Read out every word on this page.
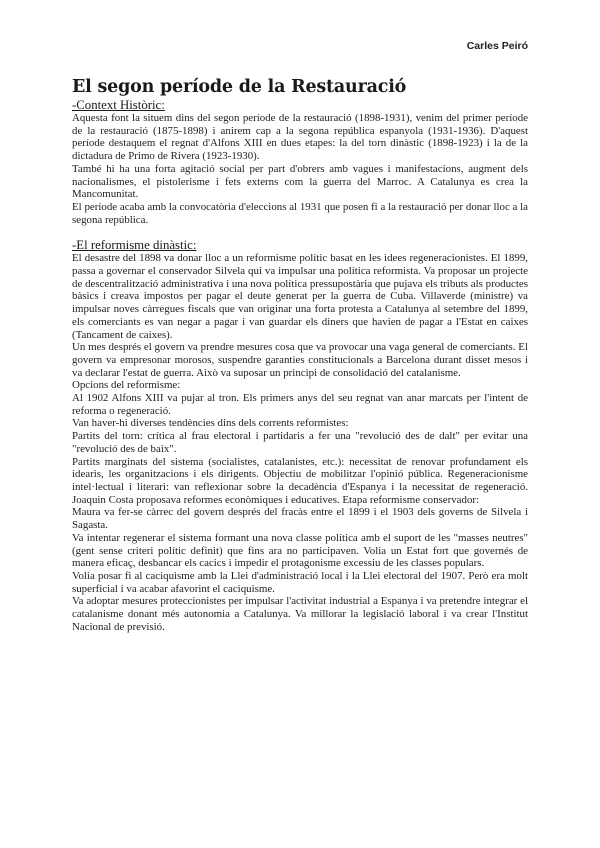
Carles Peiró
El segon període de la Restauració
-Context Històric:

Aquesta font la situem dins del segon període de la restauració (1898-1931), venim del primer període de la restauració (1875-1898) i anirem cap a la segona república espanyola (1931-1936). D'aquest període destaquem el regnat d'Alfons XIII en dues etapes: la del torn dinàstic (1898-1923) i la de la dictadura de Primo de Rivera (1923-1930).

També hi ha una forta agitació social per part d'obrers amb vagues i manifestacions, augment dels nacionalismes, el pistolerisme i fets externs com la guerra del Marroc. A Catalunya es crea la Mancomunitat.

El període acaba amb la convocatòria d'eleccions al 1931 que posen fi a la restauració per donar lloc a la segona república.

-El reformisme dinàstic:

El desastre del 1898 va donar lloc a un reformisme polític basat en les idees regeneracionistes. El 1899, passa a governar el conservador Silvela qui va impulsar una política reformista. Va proposar un projecte de descentralització administrativa i una nova política pressupostària que pujava els tributs als productes bàsics i creava impostos per pagar el deute generat per la guerra de Cuba. Villaverde (ministre) va impulsar noves càrregues fiscals que van originar una forta protesta a Catalunya al setembre del 1899, els comerciants es van negar a pagar i van guardar els diners que havien de pagar a l'Estat en caixes (Tancament de caixes).

Un mes després el govern va prendre mesures cosa que va provocar una vaga general de comerciants. El govern va empresonar morosos, suspendre garanties constitucionals a Barcelona durant disset mesos i va declarar l'estat de guerra. Això va suposar un principi de consolidació del catalanisme.

Opcions del reformisme:

Al 1902 Alfons XIII va pujar al tron. Els primers anys del seu regnat van anar marcats per l'intent de reforma o regeneració.

Van haver-hi diverses tendències dins dels corrents reformistes:

Partits del torn: crítica al frau electoral i partidaris a fer una "revolució des de dalt" per evitar una "revolució des de baix".

Partits marginats del sistema (socialistes, catalanistes, etc.): necessitat de renovar profundament els idearis, les organitzacions i els dirigents. Objectiu de mobilitzar l'opinió pública. Regeneracionisme intel·lectual i literari: van reflexionar sobre la decadència d'Espanya i la necessitat de regeneració. Joaquin Costa proposava reformes econòmiques i educatives. Etapa reformisme conservador:

Maura va fer-se càrrec del govern després del fracàs entre el 1899 i el 1903 dels governs de Silvela i Sagasta.

Va intentar regenerar el sistema formant una nova classe política amb el suport de les "masses neutres" (gent sense criteri polític definit) que fins ara no participaven. Volia un Estat fort que governés de manera eficaç, desbancar els cacics i impedir el protagonisme excessiu de les classes populars.

Volia posar fi al caciquisme amb la Llei d'administració local i la Llei electoral del 1907. Però era molt superficial i va acabar afavorint el caciquisme.

Va adoptar mesures proteccionistes per impulsar l'activitat industrial a Espanya i va pretendre integrar el catalanisme donant més autonomia a Catalunya. Va millorar la legislació laboral i va crear l'Institut Nacional de previsió.
